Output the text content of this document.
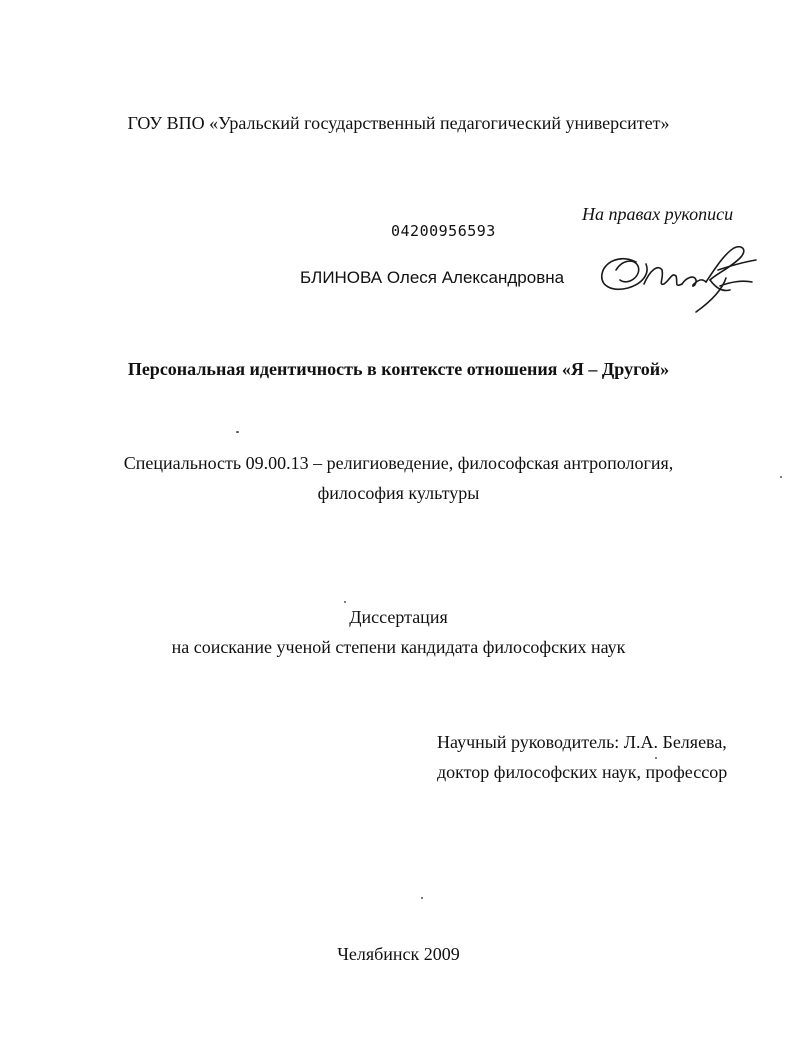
ГОУ ВПО «Уральский государственный педагогический университет»
На правах рукописи
04200956593
БЛИНОВА Олеся Александровна
Персональная идентичность в контексте отношения «Я – Другой»
Специальность 09.00.13 – религиоведение, философская антропология,
философия культуры
Диссертация
на соискание ученой степени кандидата философских наук
Научный руководитель: Л.А. Беляева,
доктор философских наук, профессор
Челябинск 2009
